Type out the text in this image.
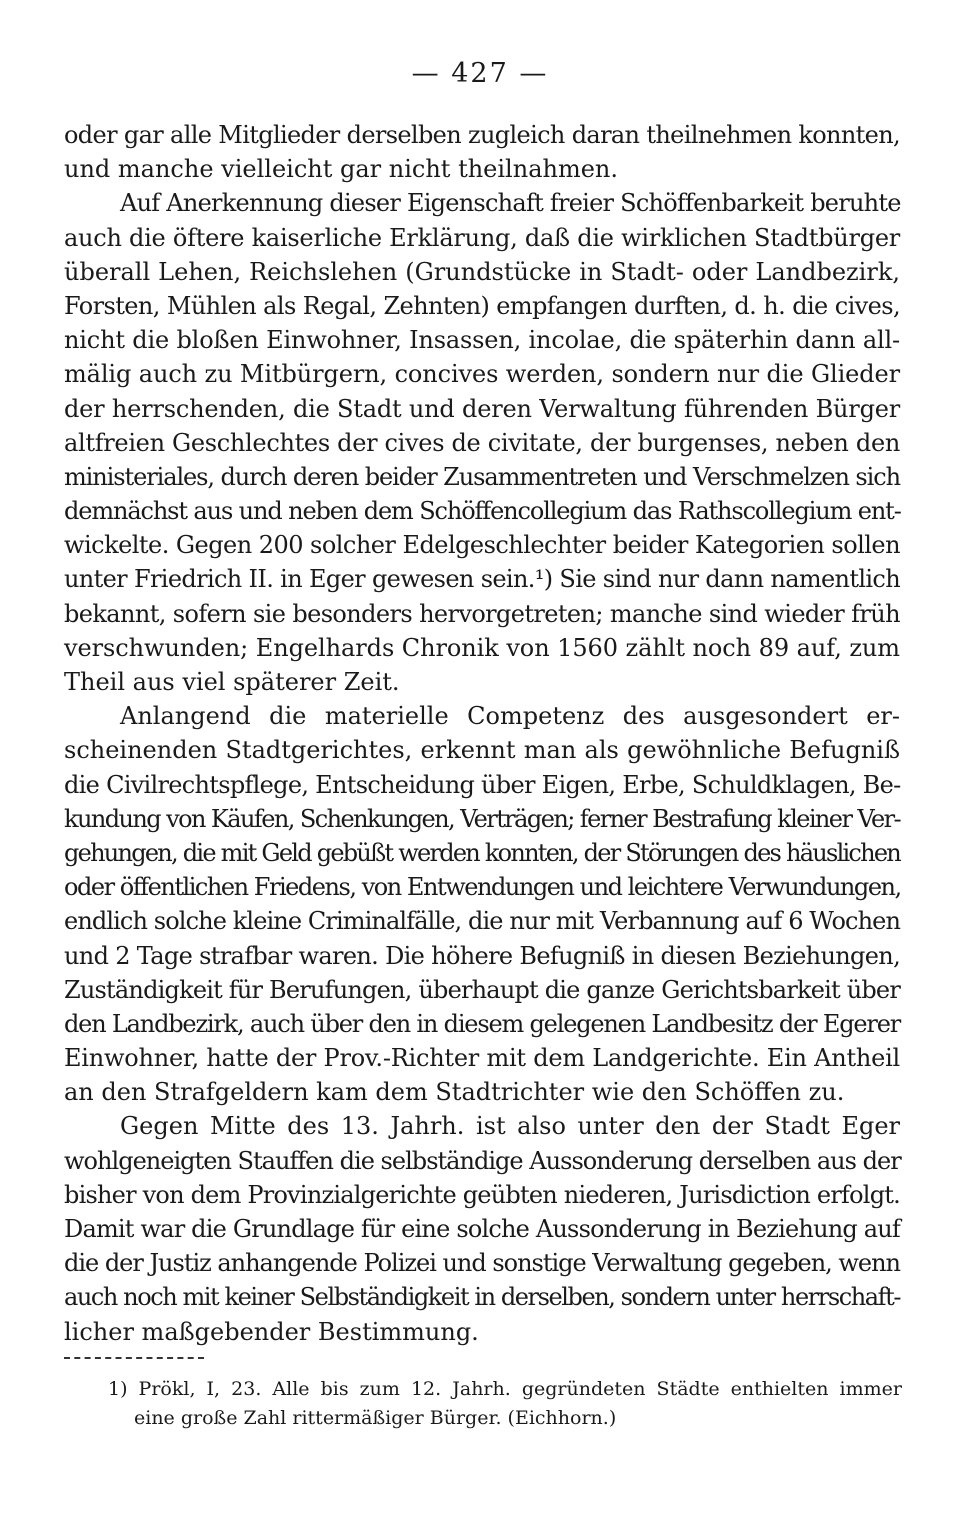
— 427 —
oder gar alle Mitglieder derselben zugleich daran theilnehmen konnten,
und manche vielleicht gar nicht theilnahmen.
Auf Anerkennung dieser Eigenschaft freier Schöffenbarkeit beruhte
auch die öftere kaiserliche Erklärung, daß die wirklichen Stadtbürger
überall Lehen, Reichslehen (Grundstücke in Stadt- oder Landbezirk,
Forsten, Mühlen als Regal, Zehnten) empfangen durften, d. h. die cives,
nicht die bloßen Einwohner, Insassen, incolae, die späterhin dann all-
mälig auch zu Mitbürgern, concives werden, sondern nur die Glieder
der herrschenden, die Stadt und deren Verwaltung führenden Bürger
altfreien Geschlechtes der cives de civitate, der burgenses, neben den
ministeriales, durch deren beider Zusammentreten und Verschmelzen sich
demnächst aus und neben dem Schöffencollegium das Rathscollegium ent-
wickelte. Gegen 200 solcher Edelgeschlechter beider Kategorien sollen
unter Friedrich II. in Eger gewesen sein.¹) Sie sind nur dann namentlich
bekannt, sofern sie besonders hervorgetreten; manche sind wieder früh
verschwunden; Engelhards Chronik von 1560 zählt noch 89 auf, zum
Theil aus viel späterer Zeit.
Anlangend die materielle Competenz des ausgesondert er-
scheinenden Stadtgerichtes, erkennt man als gewöhnliche Befugniß
die Civilrechtspflege, Entscheidung über Eigen, Erbe, Schuldklagen, Be-
kundung von Käufen, Schenkungen, Verträgen; ferner Bestrafung kleiner Ver-
gehungen, die mit Geld gebüßt werden konnten, der Störungen des häuslichen
oder öffentlichen Friedens, von Entwendungen und leichtere Verwundungen,
endlich solche kleine Criminalfälle, die nur mit Verbannung auf 6 Wochen
und 2 Tage strafbar waren. Die höhere Befugniß in diesen Beziehungen,
Zuständigkeit für Berufungen, überhaupt die ganze Gerichtsbarkeit über
den Landbezirk, auch über den in diesem gelegenen Landbesitz der Egerer
Einwohner, hatte der Prov.-Richter mit dem Landgerichte. Ein Antheil
an den Strafgeldern kam dem Stadtrichter wie den Schöffen zu.
Gegen Mitte des 13. Jahrh. ist also unter den der Stadt Eger
wohlgeneigten Stauffen die selbständige Aussonderung derselben aus der
bisher von dem Provinzialgerichte geübten niederen, Jurisdiction erfolgt.
Damit war die Grundlage für eine solche Aussonderung in Beziehung auf
die der Justiz anhangende Polizei und sonstige Verwaltung gegeben, wenn
auch noch mit keiner Selbständigkeit in derselben, sondern unter herrschaft-
licher maßgebender Bestimmung.
1) Prökl, I, 23. Alle bis zum 12. Jahrh. gegründeten Städte enthielten immer
eine große Zahl rittermäßiger Bürger. (Eichhorn.)
